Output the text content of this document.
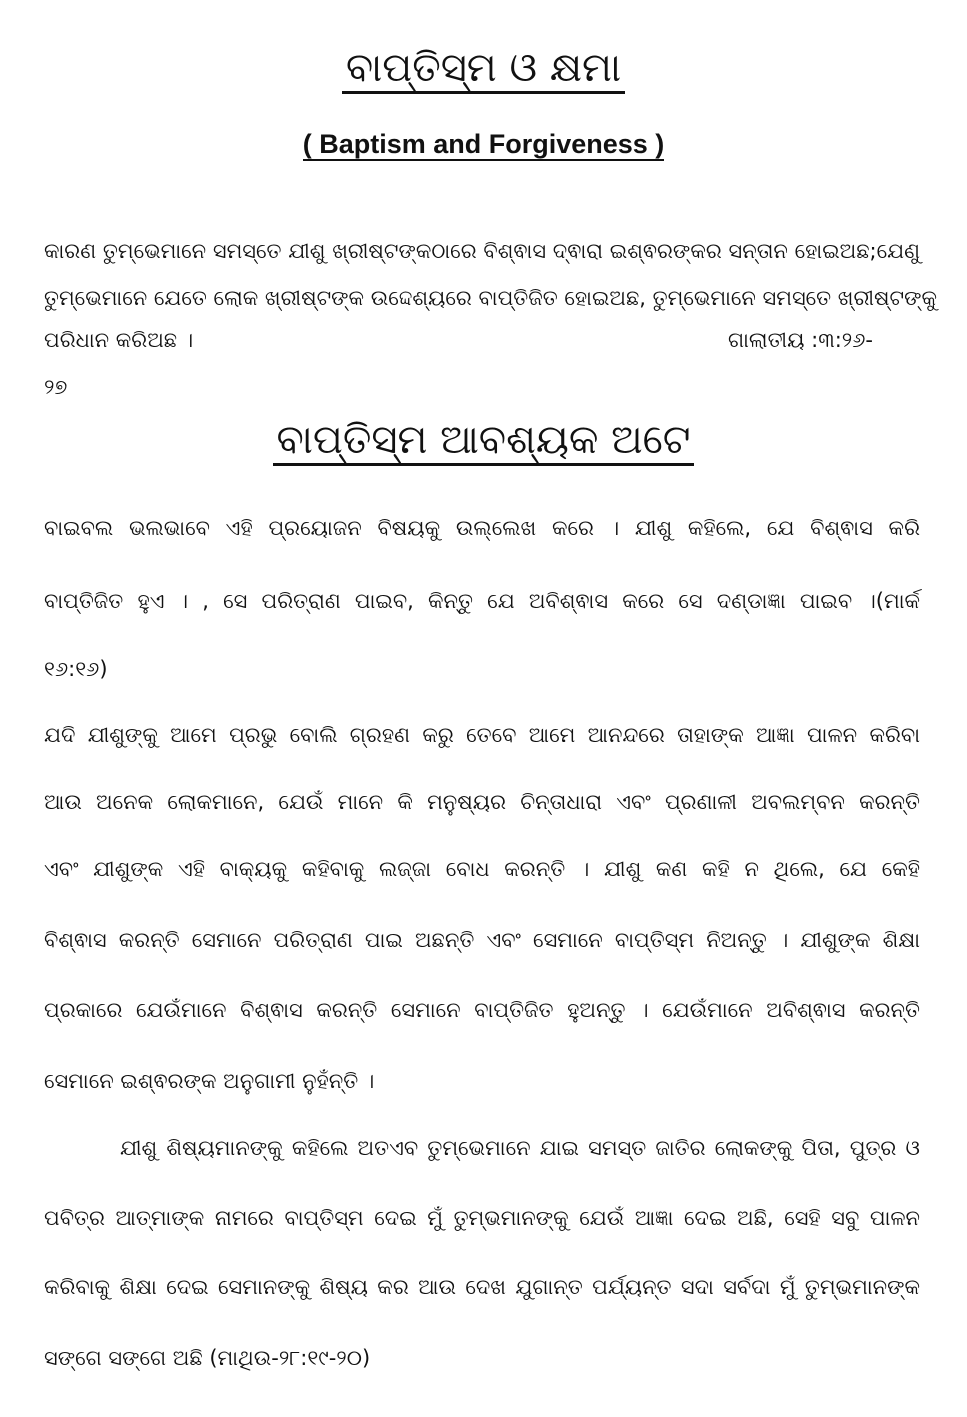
ବାପ୍ତିସ୍ମ ଓ କ୍ଷମା

( Baptism and Forgiveness )

କାରଣ ତୁମ୍ଭେମାନେ ସମସ୍ତେ ଯୀଶୁ ଖ୍ରୀଷ୍ଟଙ୍କଠାରେ ବିଶ୍ଵାସ ଦ୍ଵାରା ଇଶ୍ଵରଙ୍କର ସନ୍ତାନ ହୋଇଅଛ;ଯେଣୁ

ତୁମ୍ଭେମାନେ ଯେତେ ଲୋକ ଖ୍ରୀଷ୍ଟଙ୍କ ଉଦ୍ଦେଶ୍ୟରେ ବାପ୍ତିଜିତ ହୋଇଅଛ, ତୁମ୍ଭେମାନେ ସମସ୍ତେ ଖ୍ରୀଷ୍ଟଙ୍କୁ

ପରିଧାନ କରିଅଛ ।	ଗାଲାତୀୟ :୩:୨୬-

୨୭

ବାପ୍ତିସ୍ମ ଆବଶ୍ୟକ ଅଟେ

ବାଇବଲ ଭଲଭାବେ ଏହି ପ୍ରୟୋଜନ ବିଷୟକୁ ଉଲ୍ଲେଖ କରେ । ଯୀଶୁ କହିଲେ, ଯେ ବିଶ୍ଵାସ କରି

ବାପ୍ତିଜିତ ହୁଏ । , ସେ ପରିତ୍ରାଣ ପାଇବ, କିନ୍ତୁ ଯେ ଅବିଶ୍ଵାସ କରେ ସେ ଦଣ୍ଡାଜ୍ଞା ପାଇବ ।(ମାର୍କ

୧୬:୧୬)

ଯଦି ଯୀଶୁଙ୍କୁ ଆମେ ପ୍ରଭୁ ବୋଲି ଗ୍ରହଣ କରୁ ତେବେ ଆମେ ଆନନ୍ଦରେ ତାହାଙ୍କ ଆଜ୍ଞା ପାଳନ କରିବା

ଆଉ ଅନେକ ଲୋକମାନେ, ଯେଉଁ ମାନେ କି ମନୁଷ୍ୟର ଚିନ୍ତାଧାରା ଏବଂ ପ୍ରଣାଳୀ ଅବଲମ୍ବନ କରନ୍ତି

ଏବଂ ଯୀଶୁଙ୍କ ଏହି ବାକ୍ୟକୁ କହିବାକୁ ଲଜ୍ଜା ବୋଧ କରନ୍ତି । ଯୀଶୁ କଣ କହି ନ ଥିଲେ, ଯେ କେହି

ବିଶ୍ଵାସ କରନ୍ତି ସେମାନେ ପରିତ୍ରାଣ ପାଇ ଅଛନ୍ତି ଏବଂ ସେମାନେ ବାପ୍ତିସ୍ମ ନିଅନ୍ତୁ । ଯୀଶୁଙ୍କ ଶିକ୍ଷା

ପ୍ରକାରେ ଯେଉଁମାନେ ବିଶ୍ଵାସ କରନ୍ତି ସେମାନେ ବାପ୍ତିଜିତ ହୁଅନ୍ତୁ । ଯେଉଁମାନେ ଅବିଶ୍ଵାସ କରନ୍ତି

ସେମାନେ ଇଶ୍ଵରଙ୍କ ଅନୁଗାମୀ ନୁହଁନ୍ତି ।

ଯୀଶୁ ଶିଷ୍ୟମାନଙ୍କୁ କହିଲେ ଅତଏବ ତୁମ୍ଭେମାନେ ଯାଇ ସମସ୍ତ ଜାତିର ଲୋକଙ୍କୁ ପିତା, ପୁତ୍ର ଓ

ପବିତ୍ର ଆତ୍ମାଙ୍କ ନାମରେ ବାପ୍ତିସ୍ମ ଦେଇ ମୁଁ ତୁମ୍ଭମାନଙ୍କୁ ଯେଉଁ ଆଜ୍ଞା ଦେଇ ଅଛି, ସେହି ସବୁ ପାଳନ

କରିବାକୁ ଶିକ୍ଷା ଦେଇ ସେମାନଙ୍କୁ ଶିଷ୍ୟ କର ଆଉ ଦେଖ ଯୁଗାନ୍ତ ପର୍ଯ୍ୟନ୍ତ ସଦା ସର୍ବଦା ମୁଁ ତୁମ୍ଭମାନଙ୍କ

ସଙ୍ଗେ ସଙ୍ଗେ ଅଛି (ମାଥିଉ-୨୮:୧୯-୨୦)
